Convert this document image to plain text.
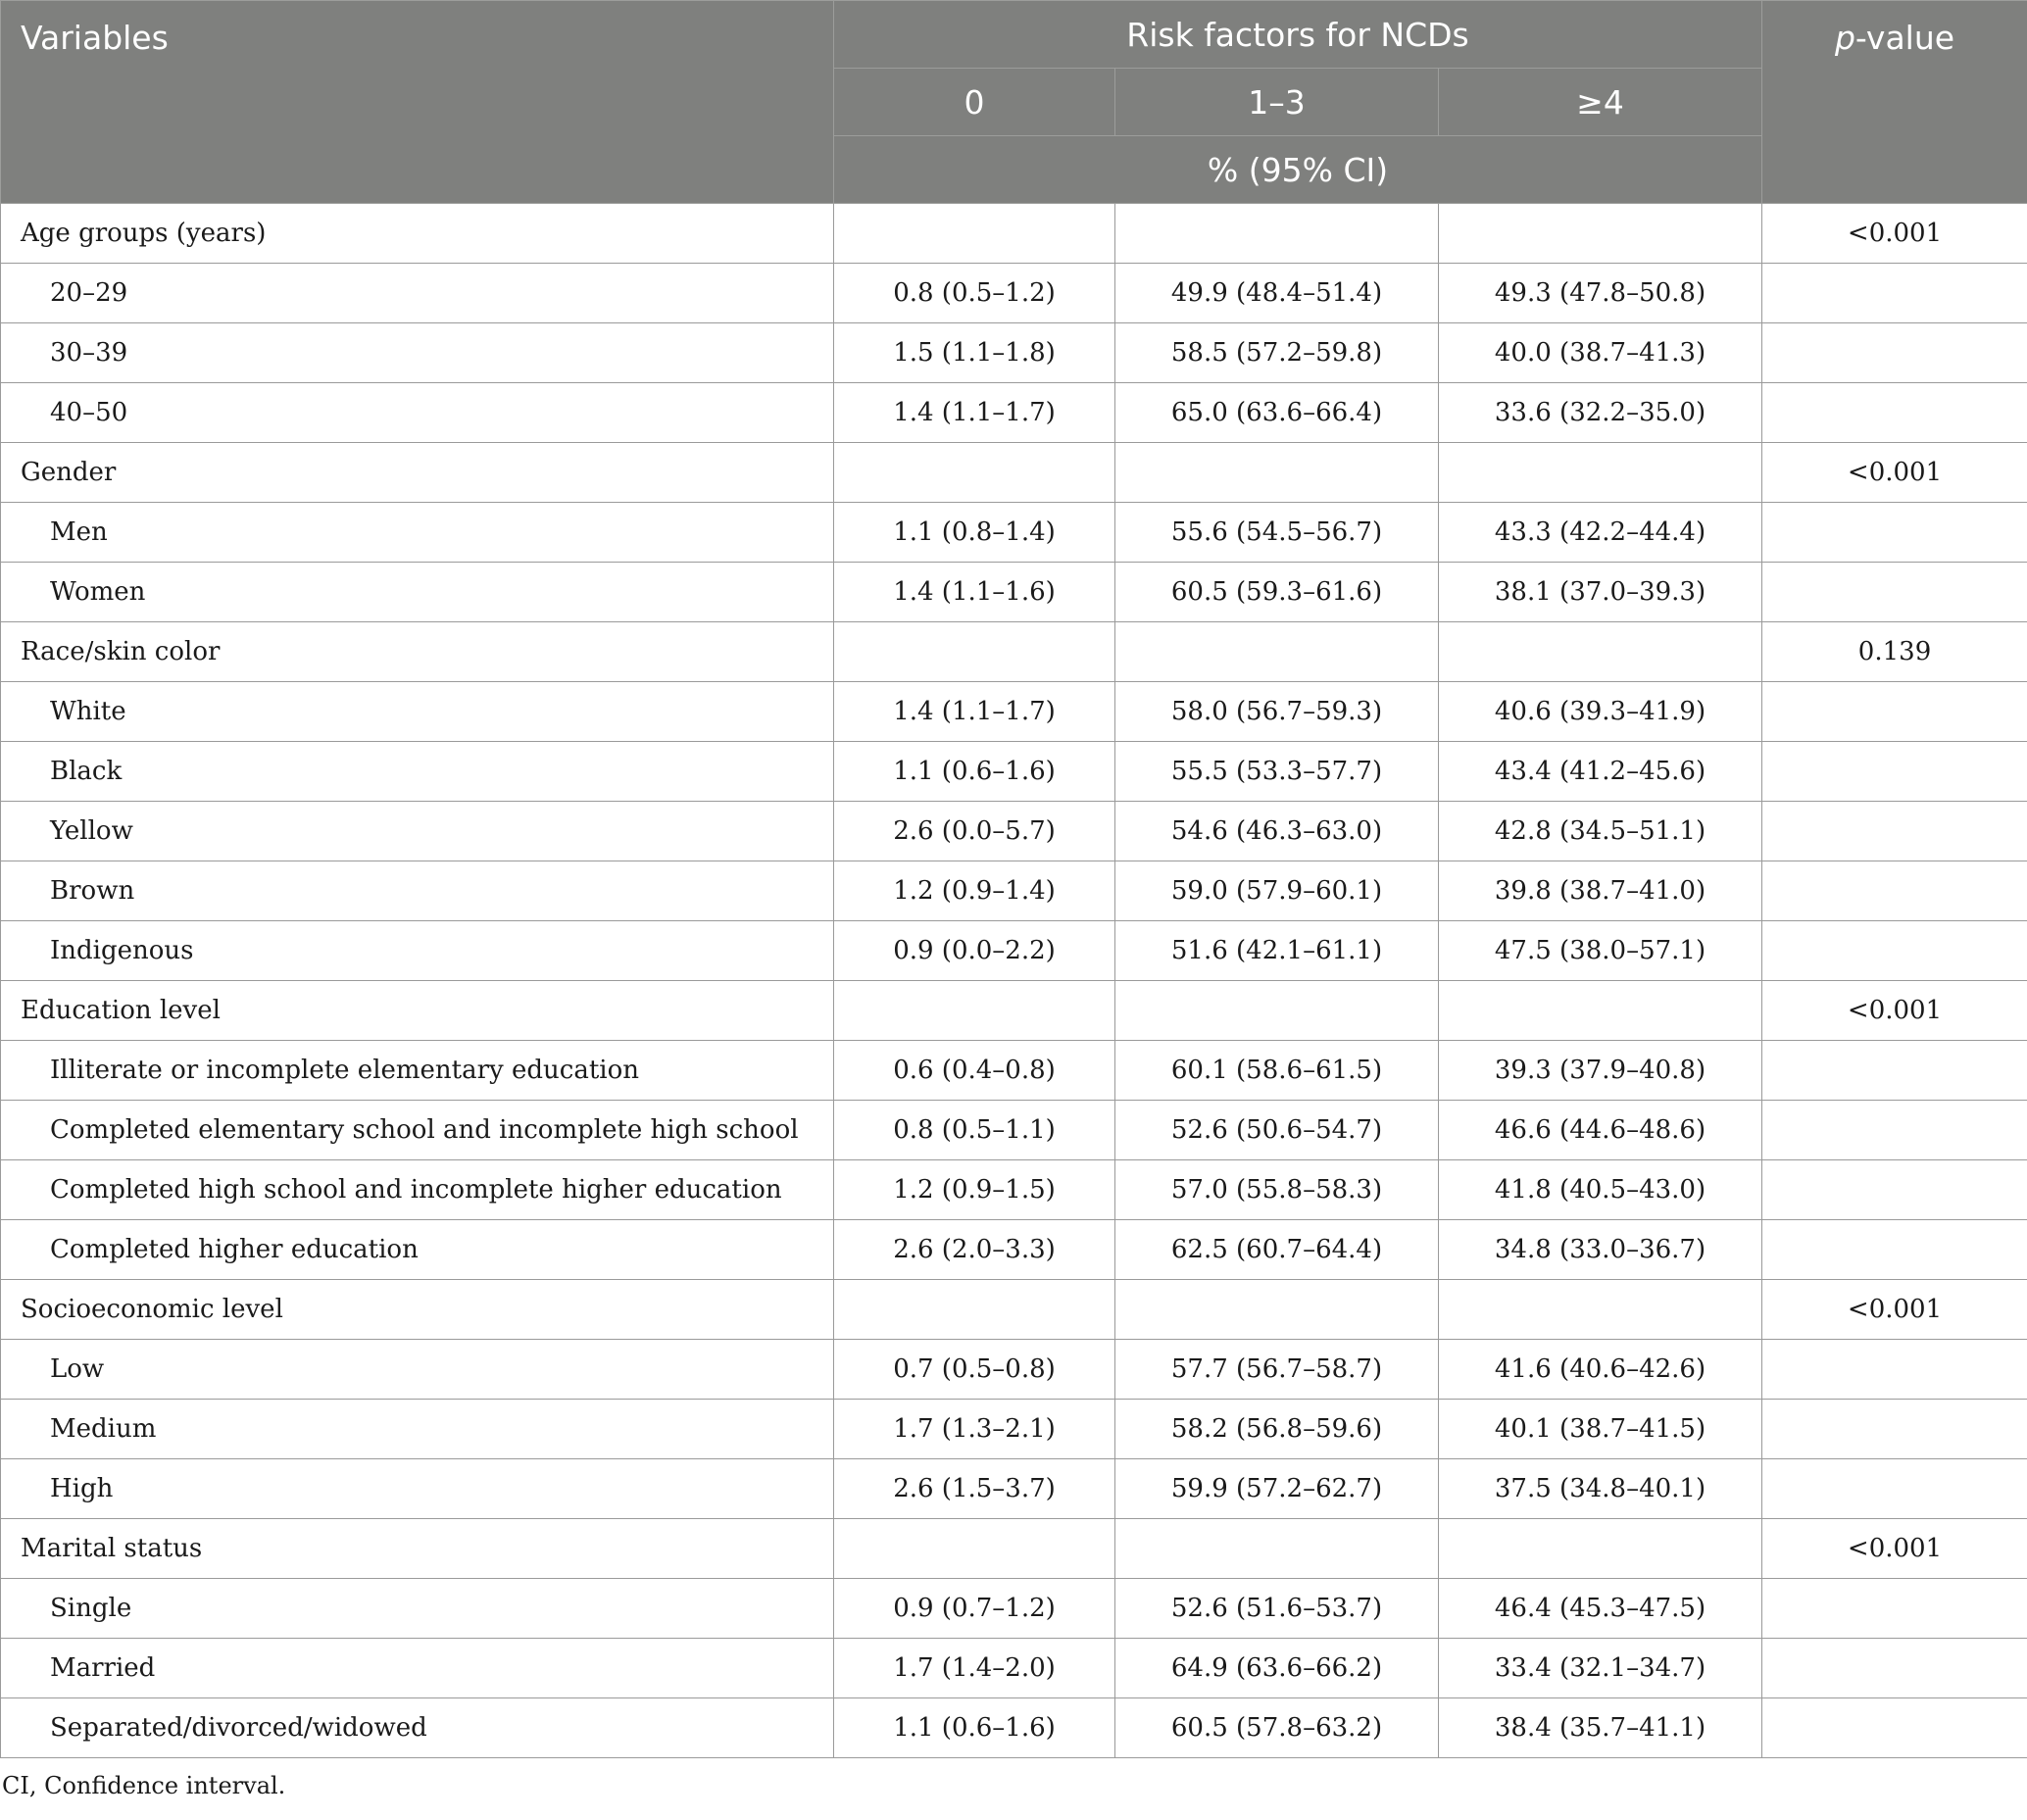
Variables	Risk factors for NCDs			p-value
	0	1–3	≥4	
	% (95% CI)			
Age groups (years)				<0.001
20–29	0.8 (0.5–1.2)	49.9 (48.4–51.4)	49.3 (47.8–50.8)	
30–39	1.5 (1.1–1.8)	58.5 (57.2–59.8)	40.0 (38.7–41.3)	
40–50	1.4 (1.1–1.7)	65.0 (63.6–66.4)	33.6 (32.2–35.0)	
Gender				<0.001
Men	1.1 (0.8–1.4)	55.6 (54.5–56.7)	43.3 (42.2–44.4)	
Women	1.4 (1.1–1.6)	60.5 (59.3–61.6)	38.1 (37.0–39.3)	
Race/skin color				0.139
White	1.4 (1.1–1.7)	58.0 (56.7–59.3)	40.6 (39.3–41.9)	
Black	1.1 (0.6–1.6)	55.5 (53.3–57.7)	43.4 (41.2–45.6)	
Yellow	2.6 (0.0–5.7)	54.6 (46.3–63.0)	42.8 (34.5–51.1)	
Brown	1.2 (0.9–1.4)	59.0 (57.9–60.1)	39.8 (38.7–41.0)	
Indigenous	0.9 (0.0–2.2)	51.6 (42.1–61.1)	47.5 (38.0–57.1)	
Education level				<0.001
Illiterate or incomplete elementary education	0.6 (0.4–0.8)	60.1 (58.6–61.5)	39.3 (37.9–40.8)	
Completed elementary school and incomplete high school	0.8 (0.5–1.1)	52.6 (50.6–54.7)	46.6 (44.6–48.6)	
Completed high school and incomplete higher education	1.2 (0.9–1.5)	57.0 (55.8–58.3)	41.8 (40.5–43.0)	
Completed higher education	2.6 (2.0–3.3)	62.5 (60.7–64.4)	34.8 (33.0–36.7)	
Socioeconomic level				<0.001
Low	0.7 (0.5–0.8)	57.7 (56.7–58.7)	41.6 (40.6–42.6)	
Medium	1.7 (1.3–2.1)	58.2 (56.8–59.6)	40.1 (38.7–41.5)	
High	2.6 (1.5–3.7)	59.9 (57.2–62.7)	37.5 (34.8–40.1)	
Marital status				<0.001
Single	0.9 (0.7–1.2)	52.6 (51.6–53.7)	46.4 (45.3–47.5)	
Married	1.7 (1.4–2.0)	64.9 (63.6–66.2)	33.4 (32.1–34.7)	
Separated/divorced/widowed	1.1 (0.6–1.6)	60.5 (57.8–63.2)	38.4 (35.7–41.1)	
CI, Confidence interval.
